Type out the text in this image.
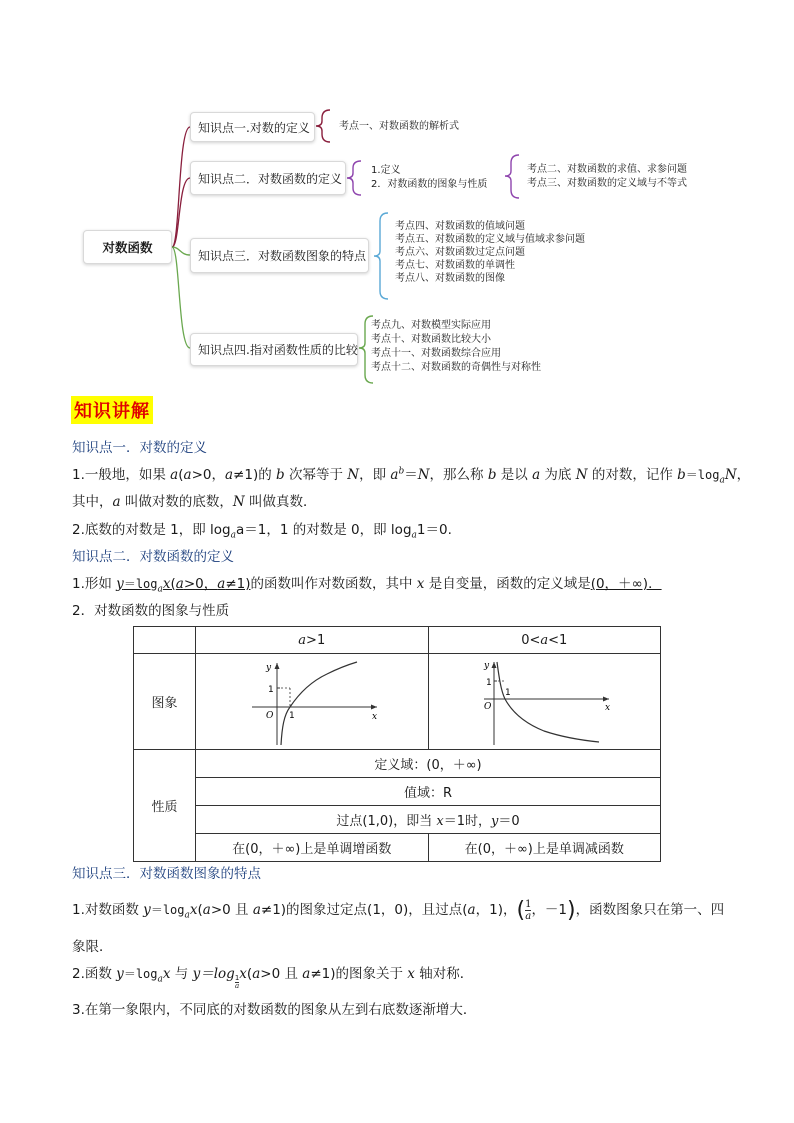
对数函数
知识点一.对数的定义
知识点二．对数函数的定义
知识点三．对数函数图象的特点
知识点四.指对函数性质的比较
考点一、对数函数的解析式
1.定义
2．对数函数的图象与性质
考点二、对数函数的求值、求参问题
考点三、对数函数的定义域与不等式
考点四、对数函数的值域问题
考点五、对数函数的定义域与值域求参问题
考点六、对数函数过定点问题
考点七、对数函数的单调性
考点八、对数函数的图像
考点九、对数模型实际应用
考点十、对数函数比较大小
考点十一、对数函数综合应用
考点十二、对数函数的奇偶性与对称性
知识讲解
知识点一．对数的定义
1.一般地，如果 a(a>0，a≠1)的 b 次幂等于 N，即 $a^b=N$，那么称 b 是以 a 为底 N 的对数，记作 $b=\log_aN$，
其中，a 叫做对数的底数，N 叫做真数．
2.底数的对数是 1，即 $\log_aa=1$，1 的对数是 0，即 $\log_a1=0$.
知识点二．对数函数的定义
1.形如 $y=\log_ax(a>0$，a≠1)的函数叫作对数函数，其中 x 是自变量，函数的定义域是(0，＋∞)．
2．对数函数的图象与性质
	a>1	0<a<1
图象	y
x
O
1
1	y
x
O
1
1

性质	定义域：(0，＋∞)	
	值域：R	
	过点(1,0)，即当 x＝1时，y＝0	
	在(0，＋∞)上是单调增函数	在(0，＋∞)上是单调减函数
知识点三．对数函数图象的特点
1.对数函数 $y=\log_ax(a>0$ 且 a≠1)的图象过定点(1，0)，且过点(a，1)，( $\frac{1}{a}$ ，－1)，函数图象只在第一、四
象限．
2.函数 $y=\log_ax$ 与 y＝log
$\frac{1}{a}$
x(a>0 且 a≠1)的图象关于 x 轴对称．
3.在第一象限内，不同底的对数函数的图象从左到右底数逐渐增大．
